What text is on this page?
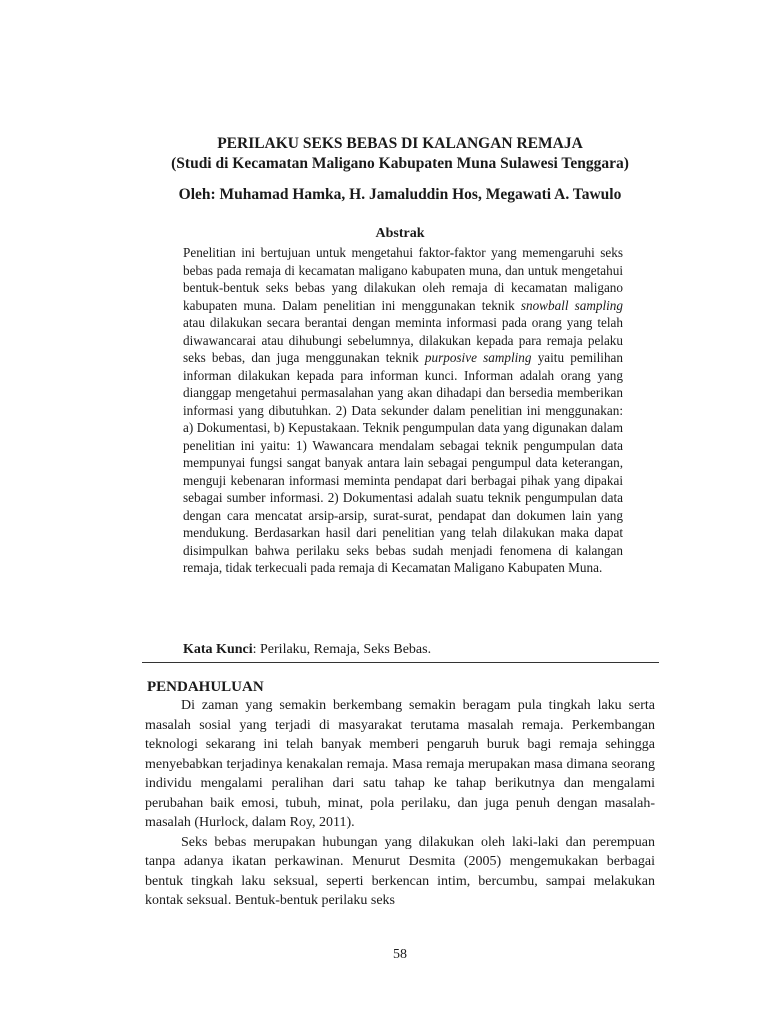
PERILAKU SEKS BEBAS DI KALANGAN REMAJA
(Studi di Kecamatan Maligano Kabupaten Muna Sulawesi Tenggara)
Oleh: Muhamad Hamka, H. Jamaluddin Hos, Megawati A. Tawulo
Abstrak

Penelitian ini bertujuan untuk mengetahui faktor-faktor yang memengaruhi seks bebas pada remaja di kecamatan maligano kabupaten muna, dan untuk mengetahui bentuk-bentuk seks bebas yang dilakukan oleh remaja di kecamatan maligano kabupaten muna. Dalam penelitian ini menggunakan teknik snowball sampling atau dilakukan secara berantai dengan meminta informasi pada orang yang telah diwawancarai atau dihubungi sebelumnya, dilakukan kepada para remaja pelaku seks bebas, dan juga menggunakan teknik purposive sampling yaitu pemilihan informan dilakukan kepada para informan kunci. Informan adalah orang yang dianggap mengetahui permasalahan yang akan dihadapi dan bersedia memberikan informasi yang dibutuhkan. 2) Data sekunder dalam penelitian ini menggunakan: a) Dokumentasi, b) Kepustakaan. Teknik pengumpulan data yang digunakan dalam penelitian ini yaitu: 1) Wawancara mendalam sebagai teknik pengumpulan data mempunyai fungsi sangat banyak antara lain sebagai pengumpul data keterangan, menguji kebenaran informasi meminta pendapat dari berbagai pihak yang dipakai sebagai sumber informasi. 2) Dokumentasi adalah suatu teknik pengumpulan data dengan cara mencatat arsip-arsip, surat-surat, pendapat dan dokumen lain yang mendukung. Berdasarkan hasil dari penelitian yang telah dilakukan maka dapat disimpulkan bahwa perilaku seks bebas sudah menjadi fenomena di kalangan remaja, tidak terkecuali pada remaja di Kecamatan Maligano Kabupaten Muna.

Kata Kunci: Perilaku, Remaja, Seks Bebas.
PENDAHULUAN

Di zaman yang semakin berkembang semakin beragam pula tingkah laku serta masalah sosial yang terjadi di masyarakat terutama masalah remaja. Perkembangan teknologi sekarang ini telah banyak memberi pengaruh buruk bagi remaja sehingga menyebabkan terjadinya kenakalan remaja. Masa remaja merupakan masa dimana seorang individu mengalami peralihan dari satu tahap ke tahap berikutnya dan mengalami perubahan baik emosi, tubuh, minat, pola perilaku, dan juga penuh dengan masalah-masalah (Hurlock, dalam Roy, 2011).

Seks bebas merupakan hubungan yang dilakukan oleh laki-laki dan perempuan tanpa adanya ikatan perkawinan. Menurut Desmita (2005) mengemukakan berbagai bentuk tingkah laku seksual, seperti berkencan intim, bercumbu, sampai melakukan kontak seksual. Bentuk-bentuk perilaku seks

58
